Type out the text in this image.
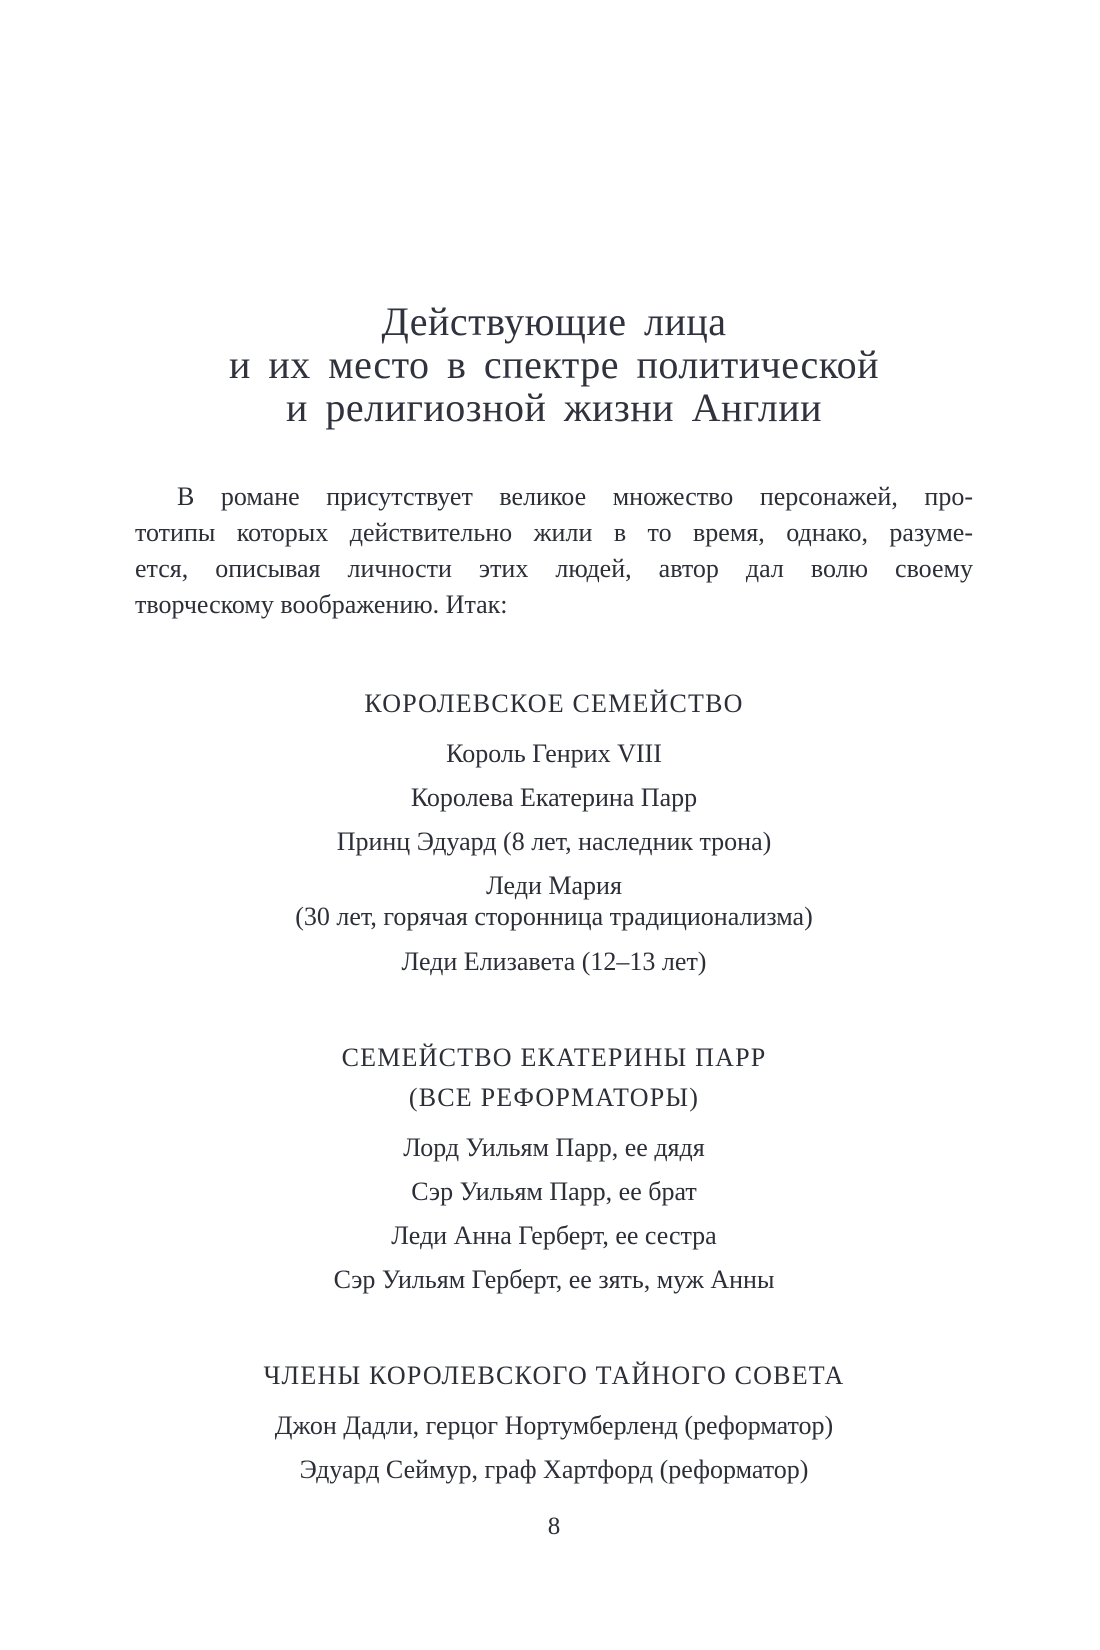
Действующие лица
и их место в спектре политической
и религиозной жизни Англии
В романе присутствует великое множество персонажей, про-
тотипы которых действительно жили в то время, однако, разуме-
ется, описывая личности этих людей, автор дал волю своему
творческому воображению. Итак:
КОРОЛЕВСКОЕ СЕМЕЙСТВО
Король Генрих VIII
Королева Екатерина Парр
Принц Эдуард (8 лет, наследник трона)
Леди Мария
(30 лет, горячая сторонница традиционализма)
Леди Елизавета (12–13 лет)
СЕМЕЙСТВО ЕКАТЕРИНЫ ПАРР
(ВСЕ РЕФОРМАТОРЫ)
Лорд Уильям Парр, ее дядя
Сэр Уильям Парр, ее брат
Леди Анна Герберт, ее сестра
Сэр Уильям Герберт, ее зять, муж Анны
ЧЛЕНЫ КОРОЛЕВСКОГО ТАЙНОГО СОВЕТА
Джон Дадли, герцог Нортумберленд (реформатор)
Эдуард Сеймур, граф Хартфорд (реформатор)
8
